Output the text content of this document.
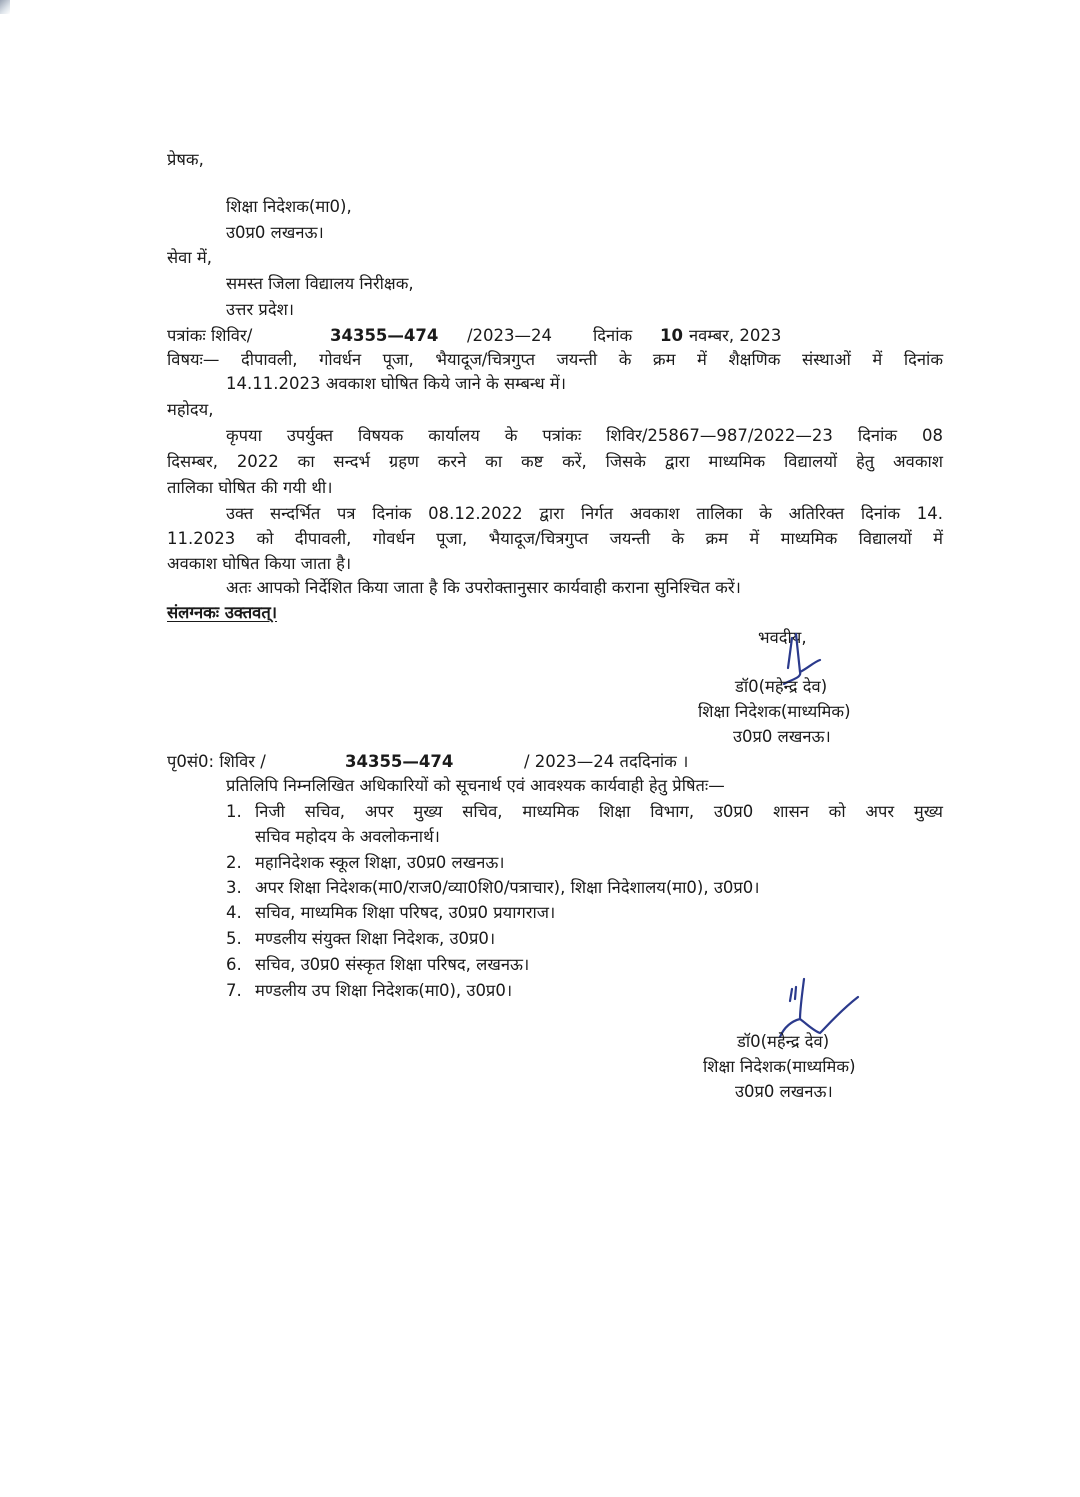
प्रेषक,
शिक्षा निदेशक(मा0),
उ0प्र0 लखनऊ।
सेवा में,
समस्त जिला विद्यालय निरीक्षक,
उत्तर प्रदेश।
पत्रांकः शिविर/	34355—474 /2023—24 दिनांक 10 नवम्बर, 2023
विषयः— दीपावली, गोवर्धन पूजा, भैयादूज/चित्रगुप्त जयन्ती के क्रम में शैक्षणिक संस्थाओं में दिनांक
14.11.2023 अवकाश घोषित किये जाने के सम्बन्ध में।
महोदय,
कृपया उपर्युक्त विषयक कार्यालय के पत्रांकः शिविर/25867—987/2022—23 दिनांक 08
दिसम्बर, 2022 का सन्दर्भ ग्रहण करने का कष्ट करें, जिसके द्वारा माध्यमिक विद्यालयों हेतु अवकाश
तालिका घोषित की गयी थी।
उक्त सन्दर्भित पत्र दिनांक 08.12.2022 द्वारा निर्गत अवकाश तालिका के अतिरिक्त दिनांक 14.
11.2023 को दीपावली, गोवर्धन पूजा, भैयादूज/चित्रगुप्त जयन्ती के क्रम में माध्यमिक विद्यालयों में
अवकाश घोषित किया जाता है।
अतः आपको निर्देशित किया जाता है कि उपरोक्तानुसार कार्यवाही कराना सुनिश्चित करें।
संलग्नकः उक्तवत्।
भवदीय,
डॉ0(महेन्द्र देव)
शिक्षा निदेशक(माध्यमिक)
उ0प्र0 लखनऊ।
पृ0सं0: शिविर /	34355—474	/ 2023—24 तददिनांक ।
प्रतिलिपि निम्नलिखित अधिकारियों को सूचनार्थ एवं आवश्यक कार्यवाही हेतु प्रेषितः—
1. निजी सचिव, अपर मुख्य सचिव, माध्यमिक शिक्षा विभाग, उ0प्र0 शासन को अपर मुख्य
सचिव महोदय के अवलोकनार्थ।
2. महानिदेशक स्कूल शिक्षा, उ0प्र0 लखनऊ।
3. अपर शिक्षा निदेशक(मा0/राज0/व्या0शि0/पत्राचार), शिक्षा निदेशालय(मा0), उ0प्र0।
4. सचिव, माध्यमिक शिक्षा परिषद, उ0प्र0 प्रयागराज।
5. मण्डलीय संयुक्त शिक्षा निदेशक, उ0प्र0।
6. सचिव, उ0प्र0 संस्कृत शिक्षा परिषद, लखनऊ।
7. मण्डलीय उप शिक्षा निदेशक(मा0), उ0प्र0।
डॉ0(महेन्द्र देव)
शिक्षा निदेशक(माध्यमिक)
उ0प्र0 लखनऊ।
